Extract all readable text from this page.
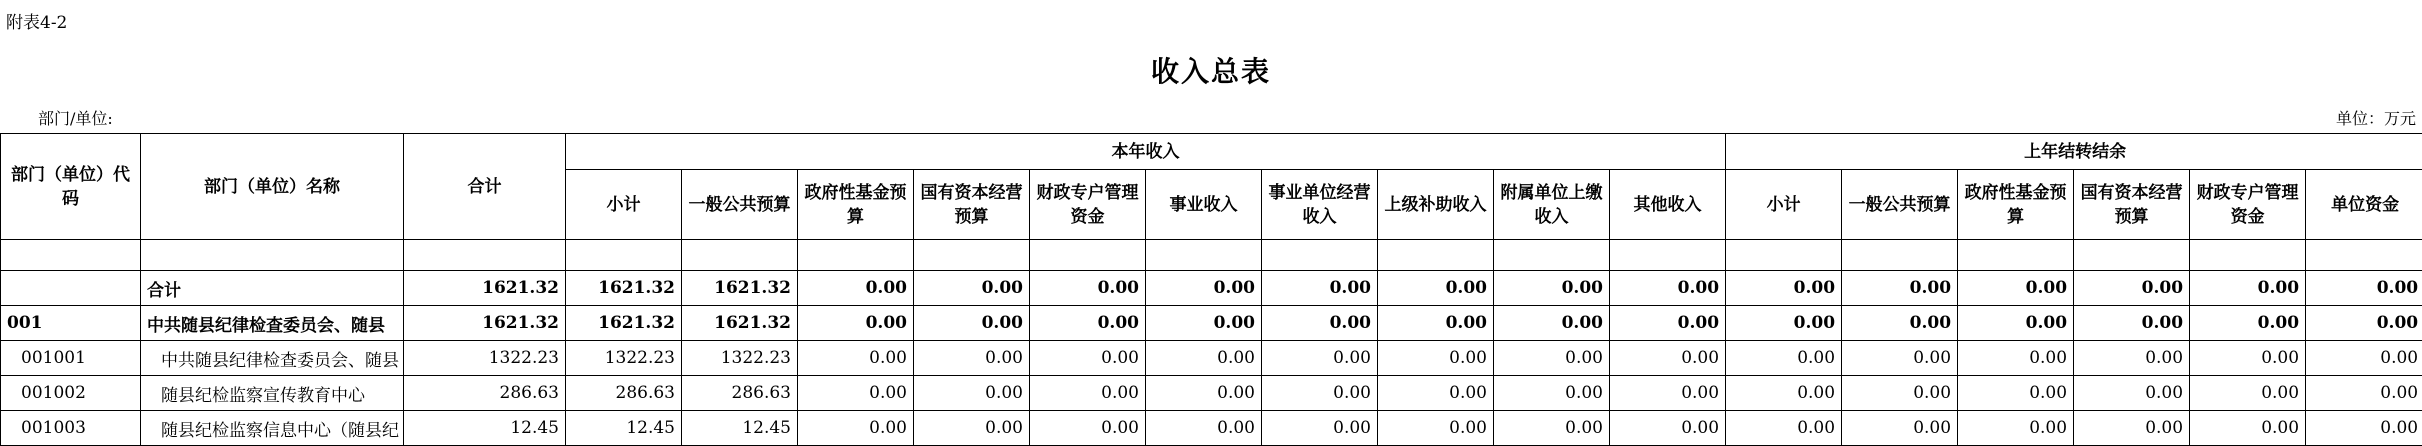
附表4-2
收入总表
部门/单位:	单位：万元
部门（单位）代码	部门（单位）名称	合计	本年收入										上年结转结余					
			小计	一般公共预算	政府性基金预算	国有资本经营预算	财政专户管理资金	事业收入	事业单位经营收入	上级补助收入	附属单位上缴收入	其他收入	小计	一般公共预算	政府性基金预算	国有资本经营预算	财政专户管理资金	单位资金

	合计	1621.32	1621.32	1621.32	0.00	0.00	0.00	0.00	0.00	0.00	0.00	0.00	0.00	0.00	0.00	0.00	0.00	0.00
001	中共随县纪律检查委员会、随县	1621.32	1621.32	1621.32	0.00	0.00	0.00	0.00	0.00	0.00	0.00	0.00	0.00	0.00	0.00	0.00	0.00	0.00
001001	中共随县纪律检查委员会、随县	1322.23	1322.23	1322.23	0.00	0.00	0.00	0.00	0.00	0.00	0.00	0.00	0.00	0.00	0.00	0.00	0.00	0.00
001002	随县纪检监察宣传教育中心	286.63	286.63	286.63	0.00	0.00	0.00	0.00	0.00	0.00	0.00	0.00	0.00	0.00	0.00	0.00	0.00	0.00
001003	随县纪检监察信息中心（随县纪	12.45	12.45	12.45	0.00	0.00	0.00	0.00	0.00	0.00	0.00	0.00	0.00	0.00	0.00	0.00	0.00	0.00
